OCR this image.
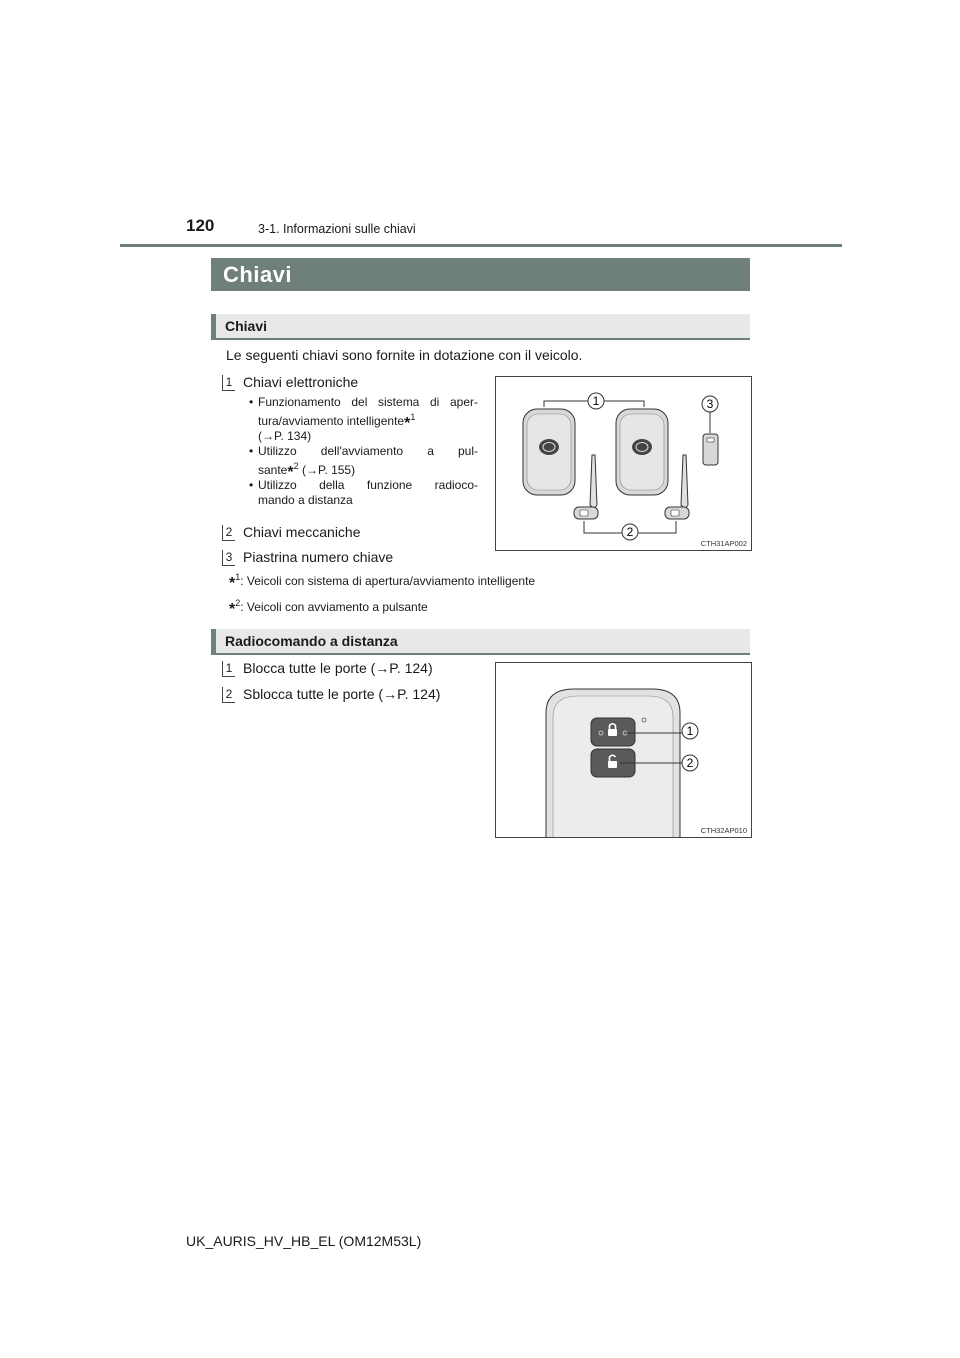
120	3-1. Informazioni sulle chiavi
Chiavi
Chiavi
Le seguenti chiavi sono fornite in dotazione con il veicolo.
1 Chiavi elettroniche
• Funzionamento del sistema di aper-
tura/avviamento intelligente*$^1$
(→P. 134)
• Utilizzo dell'avviamento a pul-
sante*$^2$ (→P. 155)
• Utilizzo della funzione radioco-
mando a distanza
2 Chiavi meccaniche
3 Piastrina numero chiave
*$^1$: Veicoli con sistema di apertura/avviamento intelligente
*$^2$: Veicoli con avviamento a pulsante
1
2
3
CTH31AP002
Radiocomando a distanza
1 Blocca tutte le porte (→P. 124)
2 Sblocca tutte le porte (→P. 124)
1
2
CTH32AP010
UK_AURIS_HV_HB_EL (OM12M53L)
